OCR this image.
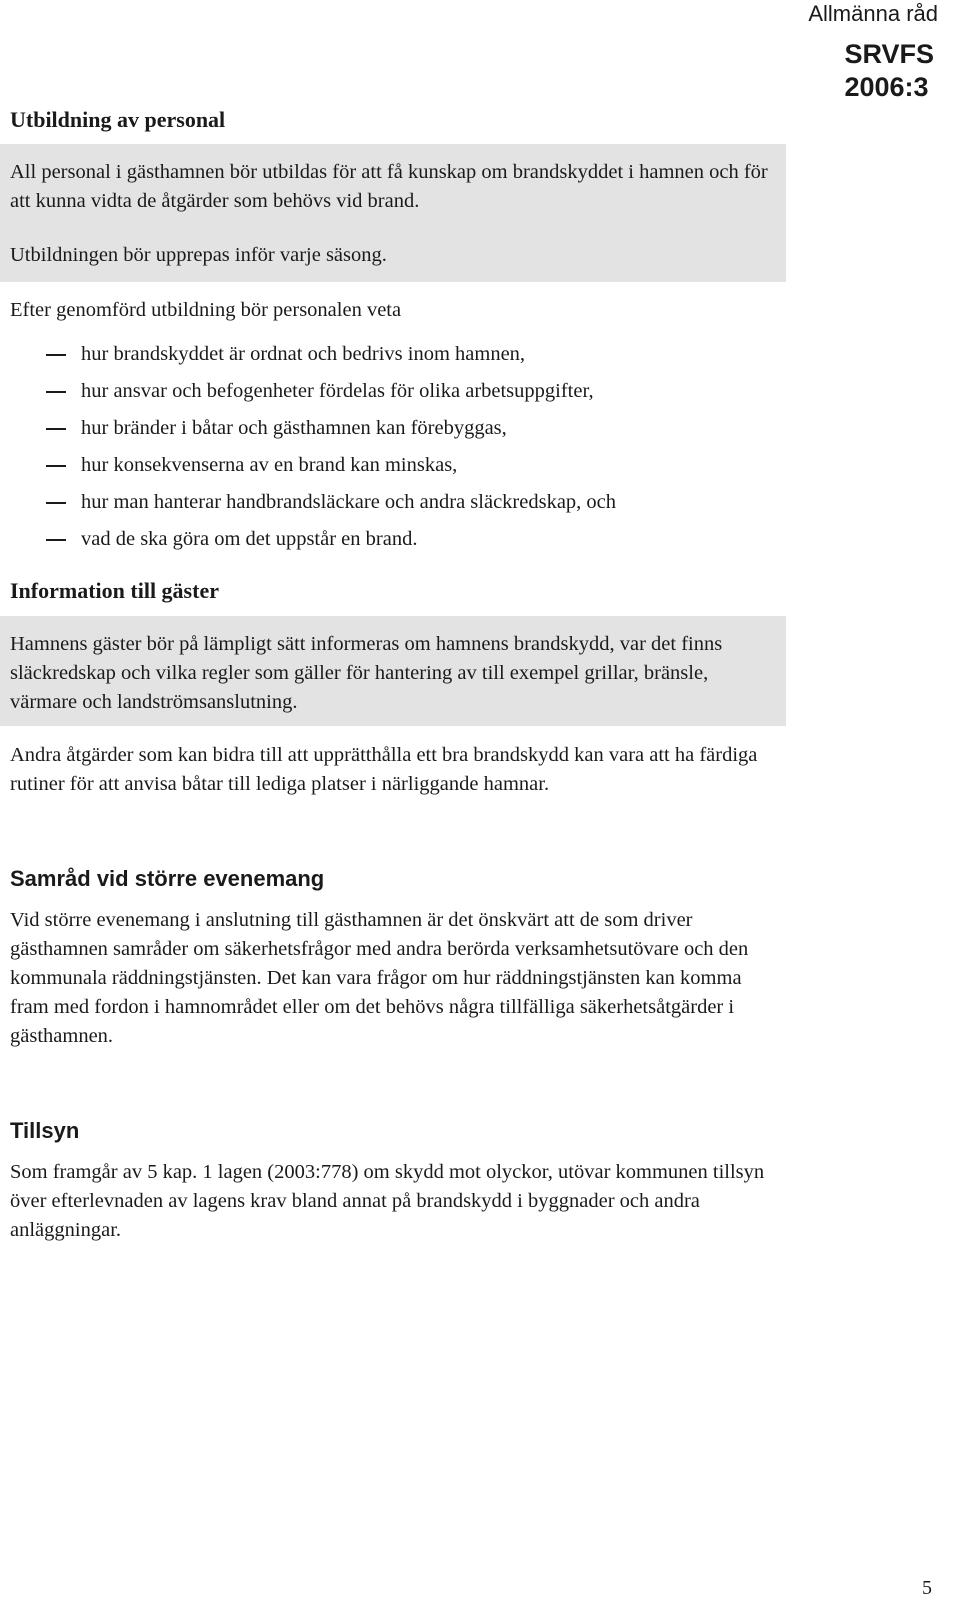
Allmänna råd
SRVFS
2006:3
Utbildning av personal

All personal i gästhamnen bör utbildas för att få kunskap om brandskyddet i hamnen och för att kunna vidta de åtgärder som behövs vid brand.

Utbildningen bör upprepas inför varje säsong.

Efter genomförd utbildning bör personalen veta

hur brandskyddet är ordnat och bedrivs inom hamnen,
hur ansvar och befogenheter fördelas för olika arbetsuppgifter,
hur bränder i båtar och gästhamnen kan förebyggas,
hur konsekvenserna av en brand kan minskas,
hur man hanterar handbrandsläckare och andra släckredskap, och
vad de ska göra om det uppstår en brand.
Information till gäster

Hamnens gäster bör på lämpligt sätt informeras om hamnens brandskydd, var det finns släckredskap och vilka regler som gäller för hantering av till exempel grillar, bränsle, värmare och landströmsanslutning.

Andra åtgärder som kan bidra till att upprätthålla ett bra brandskydd kan vara att ha färdiga rutiner för att anvisa båtar till lediga platser i närliggande hamnar.

Samråd vid större evenemang

Vid större evenemang i anslutning till gästhamnen är det önskvärt att de som driver gästhamnen samråder om säkerhetsfrågor med andra berörda verksamhetsutövare och den kommunala räddningstjänsten. Det kan vara frågor om hur räddningstjänsten kan komma fram med fordon i hamnområdet eller om det behövs några tillfälliga säkerhetsåtgärder i gästhamnen.

Tillsyn

Som framgår av 5 kap. 1 lagen (2003:778) om skydd mot olyckor, utövar kommunen tillsyn över efterlevnaden av lagens krav bland annat på brandskydd i byggnader och andra anläggningar.

5
